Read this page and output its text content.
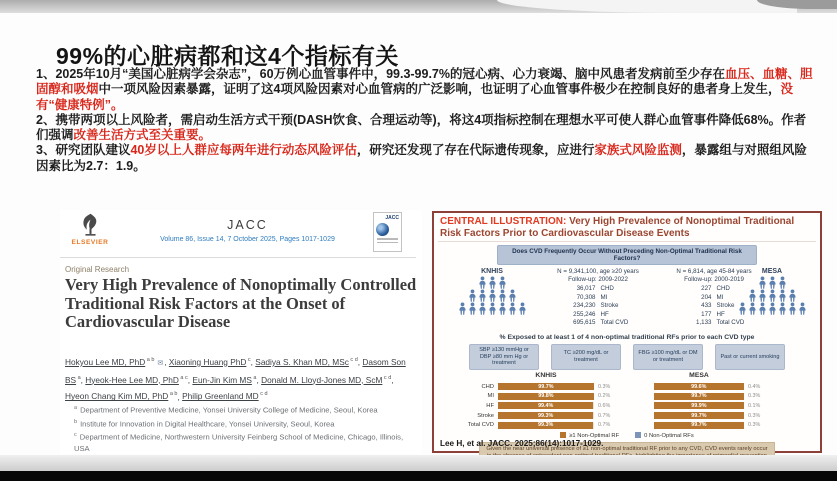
99%的心脏病都和这4个指标有关

1、2025年10月“美国心脏病学会杂志”，60万例心血管事件中，99.3-99.7%的冠心病、心力衰竭、脑中风患者发病前至少存在血压、血糖、胆固醇和吸烟中一项风险因素暴露，证明了这4项风险因素对心血管病的广泛影响，也证明了心血管事件极少在控制良好的患者身上发生，没有“健康特例”。

2、携带两项以上风险者，需启动生活方式干预(DASH饮食、合理运动等)，将这4项指标控制在理想水平可使人群心血管事件降低68%。作者们强调改善生活方式至关重要。

3、研究团队建议40岁以上人群应每两年进行动态风险评估，研究还发现了存在代际遗传现象，应进行家族式风险监测，暴露组与对照组风险因素比为2.7：1.9。

ELSEVIER
JACC
Volume 86, Issue 14, 7 October 2025, Pages 1017-1029
JACC
Original Research
Very High Prevalence of Nonoptimally Controlled Traditional Risk Factors at the Onset of Cardiovascular Disease
Hokyou Lee MD, PhD $^{a b}$ ✉, Xiaoning Huang PhD $^c$, Sadiya S. Khan MD, MSc $^{c d}$, Dasom Son BS $^a$, Hyeok-Hee Lee MD, PhD $^{a c}$, Eun-Jin Kim MS $^a$, Donald M. Lloyd-Jones MD, ScM $^{c d}$, Hyeon Chang Kim MD, PhD $^{a b}$, Philip Greenland MD $^{c d}$
$^a$ Department of Preventive Medicine, Yonsei University College of Medicine, Seoul, Korea
$^b$ Institute for Innovation in Digital Healthcare, Yonsei University, Seoul, Korea
$^c$ Department of Medicine, Northwestern University Feinberg School of Medicine, Chicago, Illinois, USA
CENTRAL ILLUSTRATION: Very High Prevalence of Nonoptimal Traditional Risk Factors Prior to Cardiovascular Disease Events
Does CVD Frequently Occur Without Preceding Non-Optimal Traditional Risk Factors?
KNHIS	N = 9,341,100, age ≥20 years
Follow-up: 2009-2022
36,017 CHD
70,308 MI
234,230 Stroke
255,246 HF
695,615 Total CVD
N = 6,814, age 45-84 years
Follow-up: 2000-2019
227 CHD
204 MI
433 Stroke
177 HF
1,133 Total CVD
MESA
% Exposed to at least 1 of 4 non-optimal traditional RFs prior to each CVD type
SBP ≥130 mmHg or DBP ≥80 mm Hg or treatment
TC ≥200 mg/dL or treatment
FBG ≥100 mg/dL or DM or treatment
Past or current smoking
KNHIS	MESA
CHD	99.7%	0.3%	99.6%	0.4%
MI	99.8%	0.2%	99.7%	0.3%
HF	99.4%	0.6%	99.9%	0.1%
Stroke	99.3%	0.7%	99.7%	0.3%
Total CVD	99.3%	0.7%	99.7%	0.3%
≥1 Non-Optimal RF	0 Non-Optimal RFs
Given the near universal presence of ≥1 non-optimal traditional RF prior to any CVD, CVD events rarely occur
Lee H, et al. JACC. 2025;86(14):1017-1029.
